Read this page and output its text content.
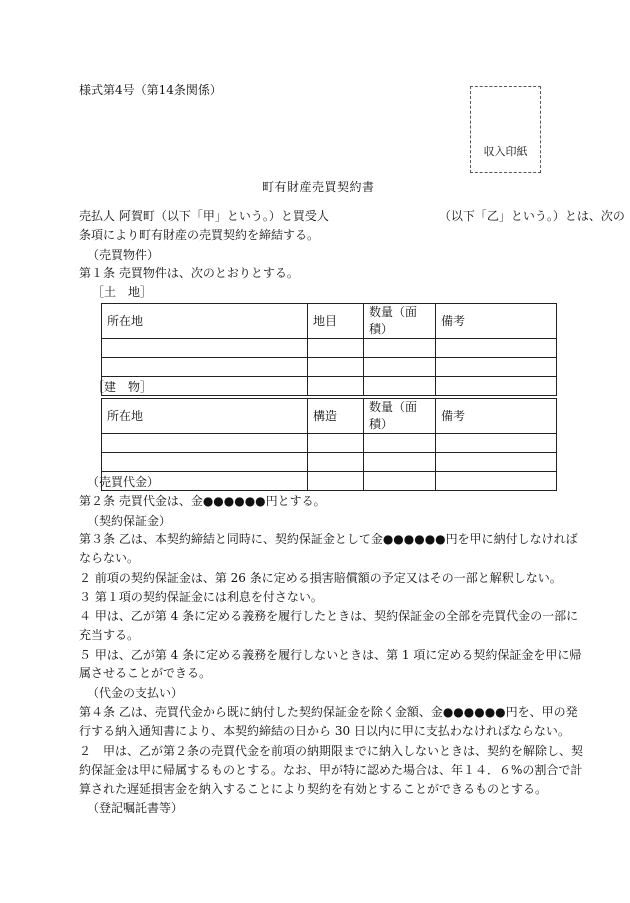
様式第4号（第14条関係）
収入印紙
町有財産売買契約書
売払人 阿賀町（以下「甲」という。）と買受人	（以下「乙」という。）とは、次の
条項により町有財産の売買契約を締結する。
（売買物件）
第１条 売買物件は、次のとおりとする。
［土　地］
所在地	地目	数量（面積）	備考

［建　物］
所在地	構造	数量（面積）	備考

（売買代金）
第２条 売買代金は、金●●●●●●円とする。
（契約保証金）
第３条 乙は、本契約締結と同時に、契約保証金として金●●●●●●円を甲に納付しなければ
ならない。
２ 前項の契約保証金は、第 26 条に定める損害賠償額の予定又はその一部と解釈しない。
３ 第１項の契約保証金には利息を付さない。
４ 甲は、乙が第 4 条に定める義務を履行したときは、契約保証金の全部を売買代金の一部に
充当する。
５ 甲は、乙が第 4 条に定める義務を履行しないときは、第 1 項に定める契約保証金を甲に帰
属させることができる。
（代金の支払い）
第４条 乙は、売買代金から既に納付した契約保証金を除く金額、金●●●●●●円を、甲の発
行する納入通知書により、本契約締結の日から 30 日以内に甲に支払わなければならない。
２　甲は、乙が第２条の売買代金を前項の納期限までに納入しないときは、契約を解除し、契
約保証金は甲に帰属するものとする。なお、甲が特に認めた場合は、年１４．６%の割合で計
算された遅延損害金を納入することにより契約を有効とすることができるものとする。
（登記嘱託書等）
